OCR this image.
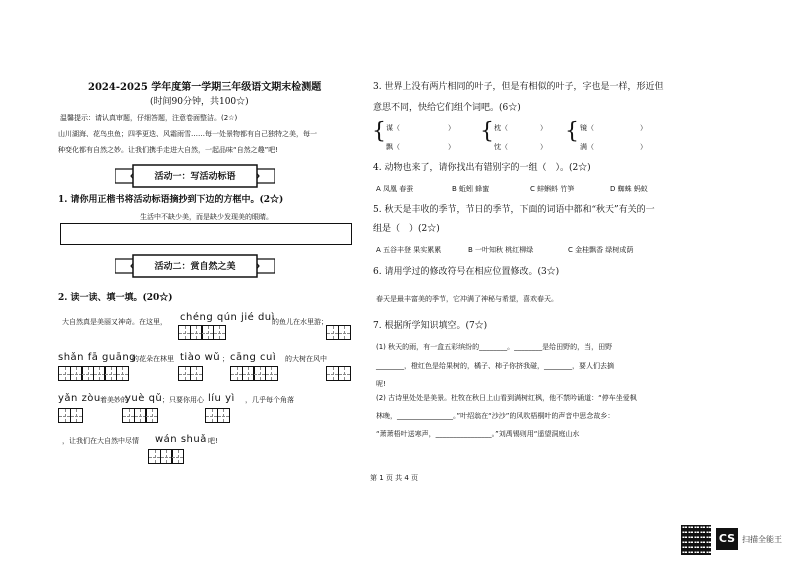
2024-2025 学年度第一学期三年级语文期末检测题
(时间90分钟，共100☆)
温馨提示：请认真审题，仔细答题，注意卷面整洁。(2☆)
山川湖海、花鸟虫鱼；四季更迭、风霜雨雪……每一处景物都有自己独特之美，每一
种变化都有自然之妙。让我们携手走进大自然，一起品味“自然之趣”吧!
活动一：写活动标语
1. 请你用正楷书将活动标语摘抄到下边的方框中。(2☆)
生活中不缺少美，而是缺少发现美的眼睛。
活动二：赏自然之美
2. 读一读、填一填。(20☆)
大自然真是美丽又神奇。在这里， chéng qún jié duì
的鱼儿在水里游；
shǎn fā guāng
的花朵在林里 tiào wǔ ； cāng cuì 的大树在风中
yǎn zòu 着美妙的
yuè qǔ ；只要你用心 líu yì ，几乎每个角落
，让我们在大自然中尽情 wán shuǎ 吧!
3. 世界上没有两片相同的叶子，但是有相似的叶子，字也是一样，形近但
意思不同，快给它们组个词吧。(6☆)
{ 谋（	）
飘（	）
{ 枕（	）
忱（	）
{ 镜（	）
满（	）
4. 动物也来了，请你找出有错别字的一组（　）。(2☆)
A 凤凰 春蚕	B 蚯蚓 蜂蜜	C 蚌蝌蚪 竹笋	D 蜘蛛 蚂蚁
5. 秋天是丰收的季节，节日的季节，下面的词语中都和“秋天”有关的一
组是（　）(2☆)
A 五谷丰登 果实累累	B 一叶知秋 桃红柳绿	C 金桂飘香 绿树成荫
6. 请用学过的修改符号在相应位置修改。(3☆)
春天是最丰富美的季节，它冲满了神秘与希望，喜欢春天。
7. 根据所学知识填空。(7☆)
(1) 秋天的雨，有一盒五彩缤纷的________。________是给田野的，当，田野
________，橙红色是给果树的，橘子、柿子你挤我碰，________，要人们去摘
呢!
(2) 古诗里处处是美景。杜牧在秋日上山看到满树红枫，他不禁吟诵道：“停车坐爱枫
林晚，________________。”叶绍翁在“沙沙”的风吹梧桐叶的声音中思念故乡：
“萧萧梧叶送寒声，________________。”刘禹锡则用“遥望洞庭山水
第 1 页 共 4 页
CS 扫描全能王
